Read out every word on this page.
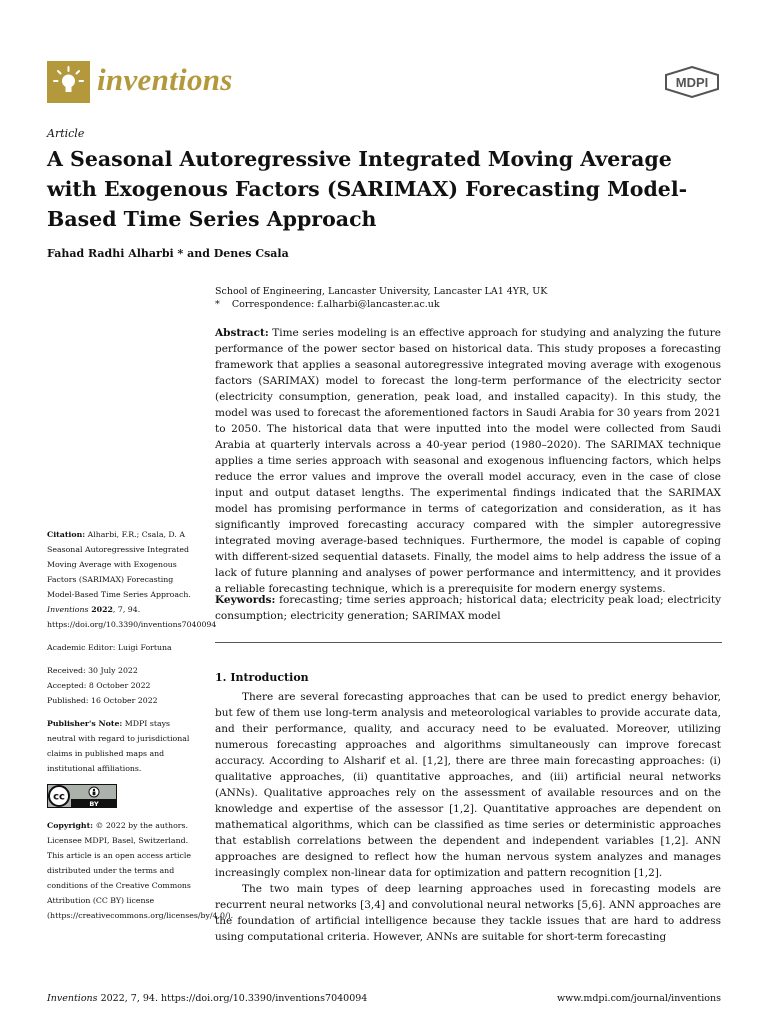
inventions	MDPI
Article
A Seasonal Autoregressive Integrated Moving Average with Exogenous Factors (SARIMAX) Forecasting Model-Based Time Series Approach
Fahad Radhi Alharbi * and Denes Csala
School of Engineering, Lancaster University, Lancaster LA1 4YR, UK
*    Correspondence: f.alharbi@lancaster.ac.uk

Abstract: Time series modeling is an effective approach for studying and analyzing the future performance of the power sector based on historical data. This study proposes a forecasting framework that applies a seasonal autoregressive integrated moving average with exogenous factors (SARIMAX) model to forecast the long-term performance of the electricity sector (electricity consumption, generation, peak load, and installed capacity). In this study, the model was used to forecast the aforementioned factors in Saudi Arabia for 30 years from 2021 to 2050. The historical data that were inputted into the model were collected from Saudi Arabia at quarterly intervals across a 40-year period (1980–2020). The SARIMAX technique applies a time series approach with seasonal and exogenous influencing factors, which helps reduce the error values and improve the overall model accuracy, even in the case of close input and output dataset lengths. The experimental findings indicated that the SARIMAX model has promising performance in terms of categorization and consideration, as it has significantly improved forecasting accuracy compared with the simpler autoregressive integrated moving average-based techniques. Furthermore, the model is capable of coping with different-sized sequential datasets. Finally, the model aims to help address the issue of a lack of future planning and analyses of power performance and intermittency, and it provides a reliable forecasting technique, which is a prerequisite for modern energy systems.

Keywords: forecasting; time series approach; historical data; electricity peak load; electricity consumption; electricity generation; SARIMAX model

1. Introduction

There are several forecasting approaches that can be used to predict energy behavior, but few of them use long-term analysis and meteorological variables to provide accurate data, and their performance, quality, and accuracy need to be evaluated. Moreover, utilizing numerous forecasting approaches and algorithms simultaneously can improve forecast accuracy. According to Alsharif et al. [1,2], there are three main forecasting approaches: (i) qualitative approaches, (ii) quantitative approaches, and (iii) artificial neural networks (ANNs). Qualitative approaches rely on the assessment of available resources and on the knowledge and expertise of the assessor [1,2]. Quantitative approaches are dependent on mathematical algorithms, which can be classified as time series or deterministic approaches that establish correlations between the dependent and independent variables [1,2]. ANN approaches are designed to reflect how the human nervous system analyzes and manages increasingly complex non-linear data for optimization and pattern recognition [1,2].

The two main types of deep learning approaches used in forecasting models are recurrent neural networks [3,4] and convolutional neural networks [5,6]. ANN approaches are the foundation of artificial intelligence because they tackle issues that are hard to address using computational criteria. However, ANNs are suitable for short-term forecasting

Citation: Alharbi, F.R.; Csala, D. A Seasonal Autoregressive Integrated Moving Average with Exogenous Factors (SARIMAX) Forecasting Model-Based Time Series Approach. Inventions 2022, 7, 94. https://doi.org/10.3390/inventions7040094

Academic Editor: Luigi Fortuna

Received: 30 July 2022
Accepted: 8 October 2022

Published: 16 October 2022

Publisher's Note: MDPI stays neutral with regard to jurisdictional claims in published maps and institutional affiliations.

cc
BY

Copyright: © 2022 by the authors. Licensee MDPI, Basel, Switzerland. This article is an open access article distributed under the terms and conditions of the Creative Commons Attribution (CC BY) license (https://creativecommons.org/licenses/by/4.0/).

Inventions 2022, 7, 94. https://doi.org/10.3390/inventions7040094	www.mdpi.com/journal/inventions
